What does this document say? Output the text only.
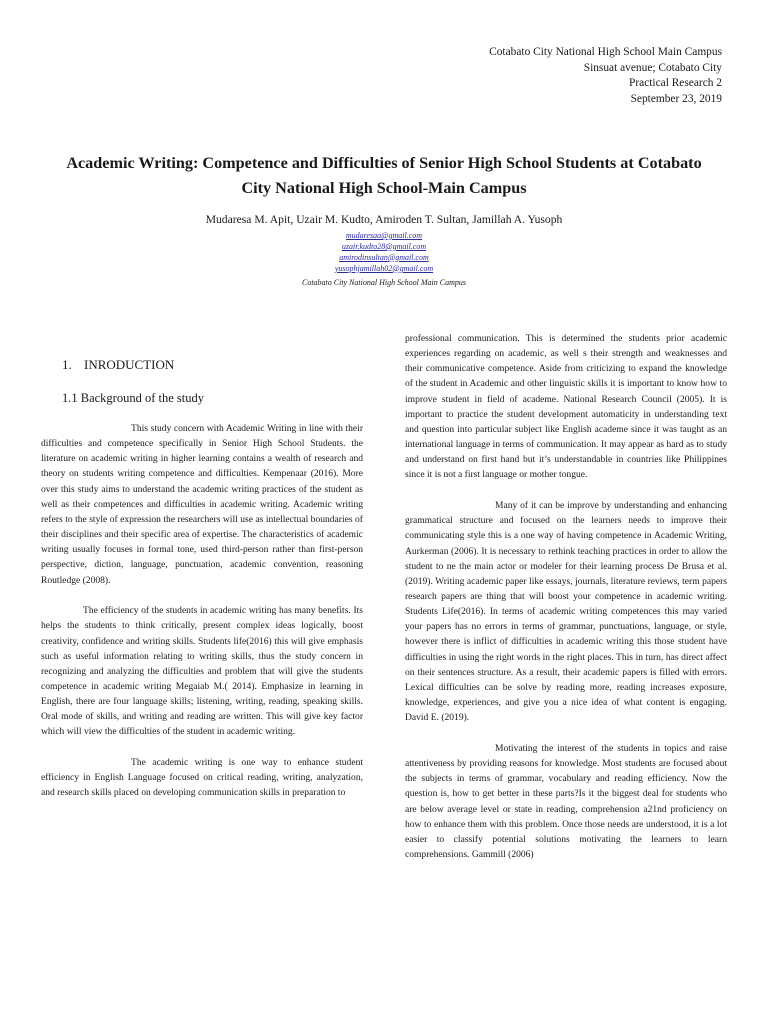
Cotabato City National High School Main Campus
Sinsuat avenue; Cotabato City
Practical Research 2
September 23, 2019
Academic Writing: Competence and Difficulties of Senior High School Students at Cotabato City National High School-Main Campus
Mudaresa M. Apit, Uzair M. Kudto, Amiroden T. Sultan, Jamillah A. Yusoph
mudaresaa@gmail.com
uzair.kudto28@gmail.com
amirodinsultan@gmail.com
yusophjamillah02@gmail.com
Cotabato City National High School Main Campus
1. INRODUCTION
1.1 Background of the study

This study concern with Academic Writing in line with their difficulties and competence specifically in Senior High School Students. the literature on academic writing in higher learning contains a wealth of research and theory on students writing competence and difficulties. Kempenaar (2016). More over this study aims to understand the academic writing practices of the student as well as their competences and difficulties in academic writing. Academic writing refers to the style of expression the researchers will use as intellectual boundaries of their disciplines and their specific area of expertise. The characteristics of academic writing usually focuses in formal tone, used third-person rather than first-person perspective, diction, language, punctuation, academic convention, reasoning Routledge (2008).

The efficiency of the students in academic writing has many benefits. Its helps the students to think critically, present complex ideas logically, boost creativity, confidence and writing skills. Students life(2016) this will give emphasis such as useful information relating to writing skills, thus the study concern in recognizing and analyzing the difficulties and problem that will give the students competence in academic writing Megaiab M.( 2014). Emphasize in learning in English, there are four language skills; listening, writing, reading, speaking skills. Oral mode of skills, and writing and reading are written. This will give key factor which will view the difficulties of the student in academic writing.

The academic writing is one way to enhance student efficiency in English Language focused on critical reading, writing, analyzation, and research skills placed on developing communication skills in preparation to

professional communication. This is determined the students prior academic experiences regarding on academic, as well s their strength and weaknesses and their communicative competence. Aside from criticizing to expand the knowledge of the student in Academic and other linguistic skills it is important to know how to improve student in field of academe. National Research Council (2005). It is important to practice the student development automaticity in understanding text and question into particular subject like English academe since it was taught as an international language in terms of communication. It may appear as hard as to study and understand on first hand but it’s understandable in countries like Philippines since it is not a first language or mother tongue.

Many of it can be improve by understanding and enhancing grammatical structure and focused on the learners needs to improve their communicating style this is a one way of having competence in Academic Writing, Aurkerman (2006). It is necessary to rethink teaching practices in order to allow the student to ne the main actor or modeler for their learning process De Brusa et al. (2019). Writing academic paper like essays, journals, literature reviews, term papers research papers are thing that will boost your competence in academic writing. Students Life(2016). In terms of academic writing competences this may varied your papers has no errors in terms of grammar, punctuations, language, or style, however there is inflict of difficulties in academic writing this those student have difficulties in using the right words in the right places. This in turn, has direct affect on their sentences structure. As a result, their academic papers is filled with errors. Lexical difficulties can be solve by reading more, reading increases exposure, knowledge, experiences, and give you a nice idea of what content is engaging. David E. (2019).

Motivating the interest of the students in topics and raise attentiveness by providing reasons for knowledge. Most students are focused about the subjects in terms of grammar, vocabulary and reading efficiency. Now the question is, how to get better in these parts?Is it the biggest deal for students who are below average level or state in reading, comprehension a21nd proficiency on how to enhance them with this problem. Once those needs are understood, it is a lot easier to classify potential solutions motivating the learners to learn comprehensions. Gammill (2006)
